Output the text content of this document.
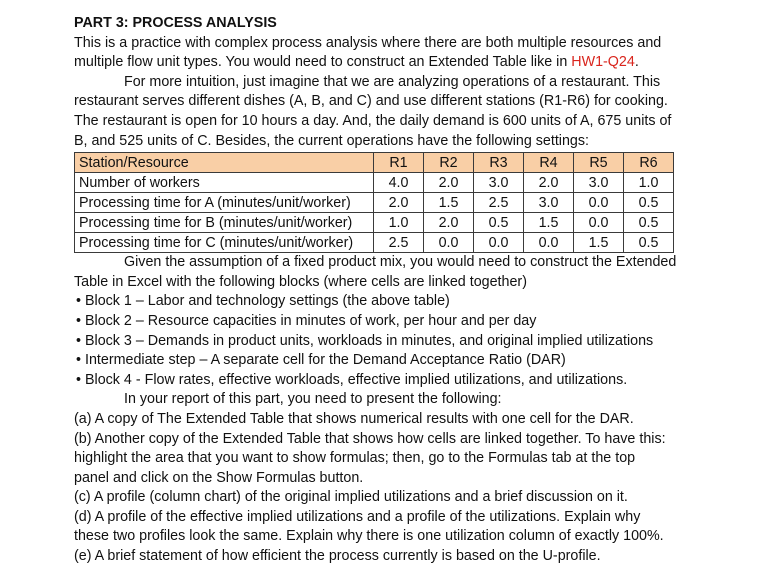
PART 3: PROCESS ANALYSIS
This is a practice with complex process analysis where there are both multiple resources and
multiple flow unit types. You would need to construct an Extended Table like in HW1-Q24.
For more intuition, just imagine that we are analyzing operations of a restaurant. This
restaurant serves different dishes (A, B, and C) and use different stations (R1-R6) for cooking.
The restaurant is open for 10 hours a day. And, the daily demand is 600 units of A, 675 units of
B, and 525 units of C. Besides, the current operations have the following settings:
Station/Resource	R1	R2	R3	R4	R5	R6
Number of workers	4.0	2.0	3.0	2.0	3.0	1.0
Processing time for A (minutes/unit/worker)	2.0	1.5	2.5	3.0	0.0	0.5
Processing time for B (minutes/unit/worker)	1.0	2.0	0.5	1.5	0.0	0.5
Processing time for C (minutes/unit/worker)	2.5	0.0	0.0	0.0	1.5	0.5
Given the assumption of a fixed product mix, you would need to construct the Extended
Table in Excel with the following blocks (where cells are linked together)
• Block 1 – Labor and technology settings (the above table)
• Block 2 – Resource capacities in minutes of work, per hour and per day
• Block 3 – Demands in product units, workloads in minutes, and original implied utilizations
• Intermediate step – A separate cell for the Demand Acceptance Ratio (DAR)
• Block 4 - Flow rates, effective workloads, effective implied utilizations, and utilizations.
In your report of this part, you need to present the following:
(a) A copy of The Extended Table that shows numerical results with one cell for the DAR.
(b) Another copy of the Extended Table that shows how cells are linked together. To have this:
highlight the area that you want to show formulas; then, go to the Formulas tab at the top
panel and click on the Show Formulas button.
(c) A profile (column chart) of the original implied utilizations and a brief discussion on it.
(d) A profile of the effective implied utilizations and a profile of the utilizations. Explain why
these two profiles look the same. Explain why there is one utilization column of exactly 100%.
(e) A brief statement of how efficient the process currently is based on the U-profile.
